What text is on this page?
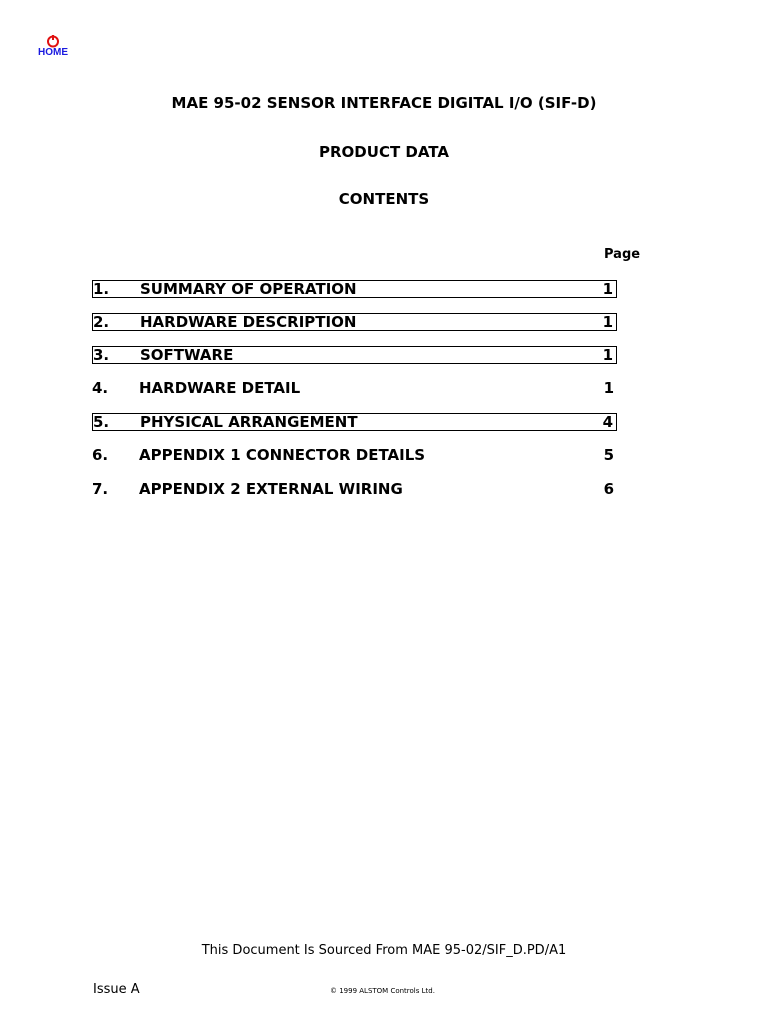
HOME
MAE 95-02 SENSOR INTERFACE DIGITAL I/O (SIF-D)
PRODUCT DATA
CONTENTS
Page
1. SUMMARY OF OPERATION	1
2. HARDWARE DESCRIPTION	1
3. SOFTWARE	1
4. HARDWARE DETAIL	1
5. PHYSICAL ARRANGEMENT	4
6. APPENDIX 1 CONNECTOR DETAILS	5
7. APPENDIX 2 EXTERNAL WIRING	6
This Document Is Sourced From MAE 95-02/SIF_D.PD/A1
Issue A	© 1999 ALSTOM Controls Ltd.
